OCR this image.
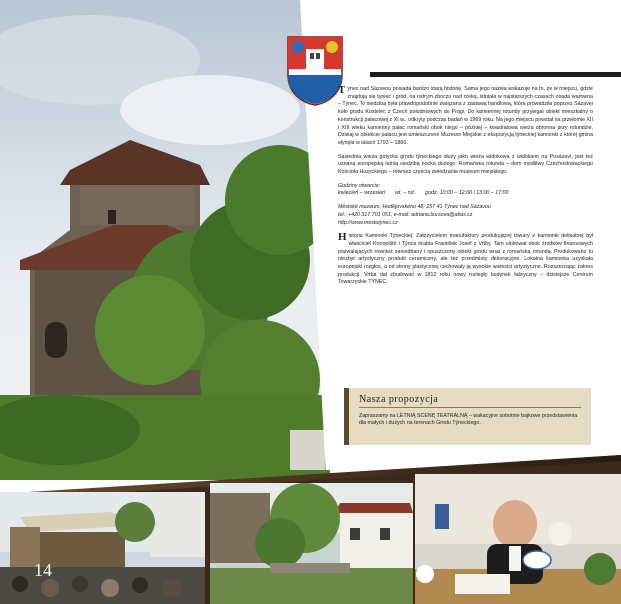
Týnec nad Sázavou posiada bardzo starą historię. Sama jego nazwa wskazuje na to, że w miejscu, gdzie znajdują się tyniec i gród, na ostrym zboczu nad rzeką, istniała w najstarszych czasach osada warowna – Týnec. To siedziba była prawdopodobnie związana z zastawą handlową, która prowadziła poprzez Sázavęi koło grodu Kostelec z Czech południowych do Pragi. Do kamiennej rotundy przylegał obiekt mieszkalny o konstrukcji pałacowej z XI w., odkryty podczas badań w 1969 roku. Na jego miejscu powstał na przełomie XII i XIII wieku kamienny pałac romański obok niego – później – kwadratowa wieża obronna przy rotundzie. Dzisiaj w obiekcie pałacu jest umieszczone Muzeum Miejskie z ekspozycją týneckiej kamionki z której gmina słynęła w latach 1793 – 1866.

Sąsiednia wieża gotycka grodu týneckiego służy jako wieża widokowa z widokiem na Posázaví, jest też uznaną europejską letnią siedzibą nocka dużego. Romańska rotunda – dom modlitwy Czechosłowackiego Kościoła Husyckiego – również częścią zwiedzania muzeum miejskiego.

Godziny otwarcia:
kwiecień – wrzesień wt. – nd. godz. 10:00 – 12:00 i 13:00 – 17:00
Městské muzeum, Hodějovského 48, 257 41 Týnec nad Sázavou
tel.: +420 317 701 051, e-mail: adriana.bursova@atlas.cz
http://www.mestotynec.cz

Historia Kamionki Týneckiej: Założycielem manufaktury produkującej towary z kamionki delikatnej był właściciel Konopiště i Týnca hrabia František Josef z Vrtby. Tam ulokował obok środków finansowych pozwalających również zaniedbany i opuszczony obiekt grodu wraz z romańską rotundą. Produkowano tu niezbyt artystyczny produkt ceramiczny, ale też przedmioty dekoracyjne. Lokalna kamionka uzyskała europejski rozgłos, a od strony plastycznej cechowały ją wysokie wartości artystyczne. Rozszerzając zakres produkcji, Vrtba dał zbudować w 1812 roku nowy rozległy budynek fabryczny – dzisiejsze Centrum Towarzyskie TÝNEC.

Nasza propozycja
Zapraszamy na LETNIĄ SCENĘ TEATRALNĄ – wakacyjne sobotnie bajkowe przedstawienia dla małych i dużych na terenach Grodu Týneckiego.
14
